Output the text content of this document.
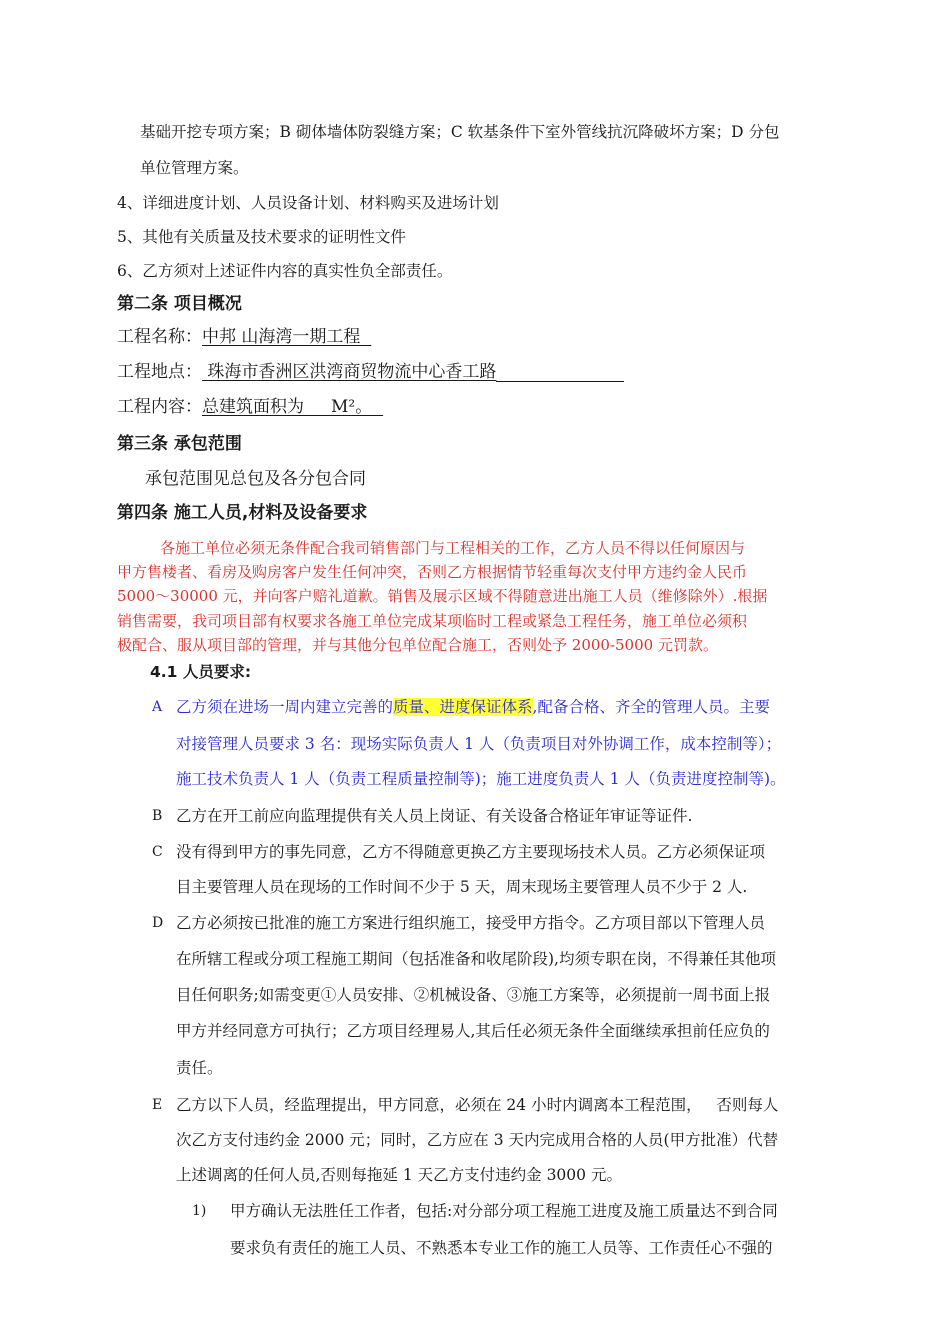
基础开挖专项方案；B 砌体墙体防裂缝方案；C 软基条件下室外管线抗沉降破坏方案；D 分包
单位管理方案。
4、详细进度计划、人员设备计划、材料购买及进场计划
5、其他有关质量及技术要求的证明性文件
6、乙方须对上述证件内容的真实性负全部责任。
第二条 项目概况
工程名称：中邦 山海湾一期工程
工程地点： 珠海市香洲区洪湾商贸物流中心香工路
工程内容：总建筑面积为     M²。
第三条 承包范围
承包范围见总包及各分包合同
第四条 施工人员,材料及设备要求
各施工单位必须无条件配合我司销售部门与工程相关的工作，乙方人员不得以任何原因与
甲方售楼者、看房及购房客户发生任何冲突，否则乙方根据情节轻重每次支付甲方违约金人民币
5000～30000 元，并向客户赔礼道歉。销售及展示区域不得随意进出施工人员（维修除外）.根据
销售需要，我司项目部有权要求各施工单位完成某项临时工程或紧急工程任务，施工单位必须积
极配合、服从项目部的管理，并与其他分包单位配合施工，否则处予 2000-5000 元罚款。
4.1 人员要求:
A 乙方须在进场一周内建立完善的质量、进度保证体系,配备合格、齐全的管理人员。主要
对接管理人员要求 3 名：现场实际负责人 1 人（负责项目对外协调工作，成本控制等）；
施工技术负责人 1 人（负责工程质量控制等)；施工进度负责人 1 人（负责进度控制等)。
B 乙方在开工前应向监理提供有关人员上岗证、有关设备合格证年审证等证件.
C 没有得到甲方的事先同意，乙方不得随意更换乙方主要现场技术人员。乙方必须保证项
目主要管理人员在现场的工作时间不少于 5 天，周末现场主要管理人员不少于 2 人.
D 乙方必须按已批准的施工方案进行组织施工，接受甲方指令。乙方项目部以下管理人员
在所辖工程或分项工程施工期间（包括准备和收尾阶段),均须专职在岗，不得兼任其他项
目任何职务;如需变更①人员安排、②机械设备、③施工方案等，必须提前一周书面上报
甲方并经同意方可执行；乙方项目经理易人,其后任必须无条件全面继续承担前任应负的
责任。
E 乙方以下人员，经监理提出，甲方同意，必须在 24 小时内调离本工程范围，   否则每人
次乙方支付违约金 2000 元；同时，乙方应在 3 天内完成用合格的人员(甲方批准）代替
上述调离的任何人员,否则每拖延 1 天乙方支付违约金 3000 元。
1) 甲方确认无法胜任工作者，包括:对分部分项工程施工进度及施工质量达不到合同
要求负有责任的施工人员、不熟悉本专业工作的施工人员等、工作责任心不强的
